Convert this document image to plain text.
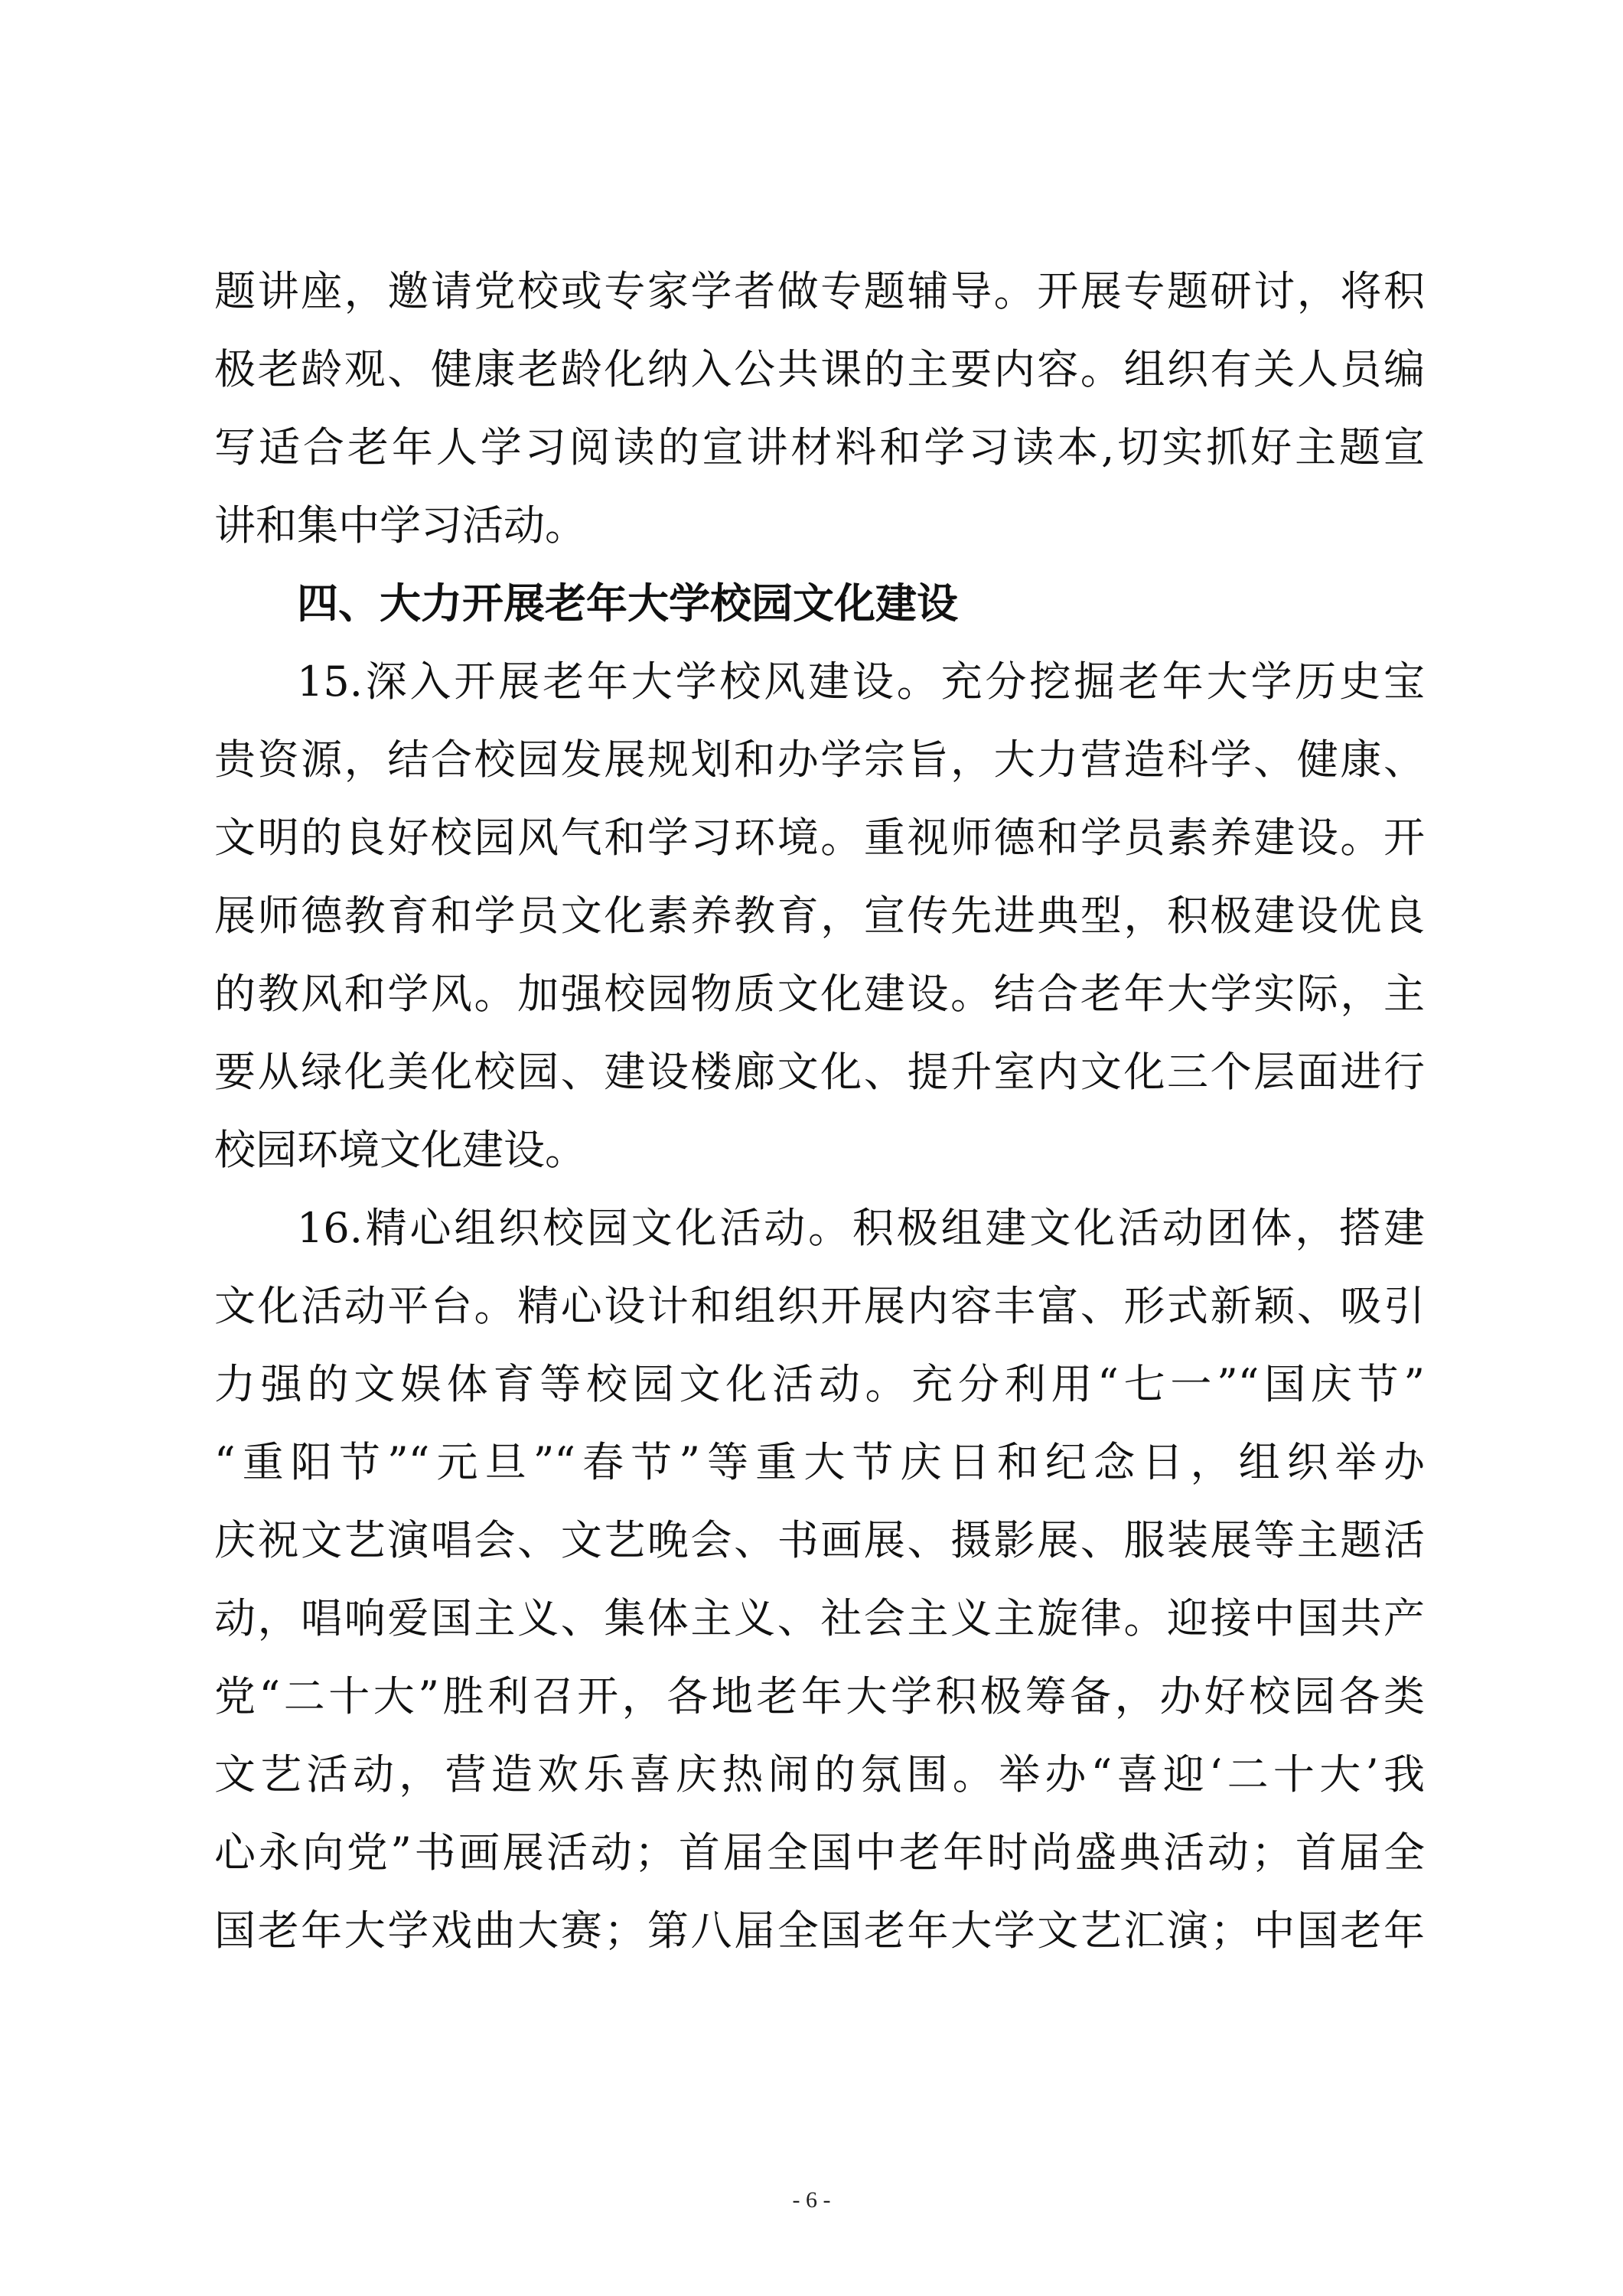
题讲座，邀请党校或专家学者做专题辅导。开展专题研讨，将积
极老龄观、健康老龄化纳入公共课的主要内容。组织有关人员编
写适合老年人学习阅读的宣讲材料和学习读本,切实抓好主题宣
讲和集中学习活动。
四、大力开展老年大学校园文化建设
15.深入开展老年大学校风建设。充分挖掘老年大学历史宝
贵资源，结合校园发展规划和办学宗旨，大力营造科学、健康、
文明的良好校园风气和学习环境。重视师德和学员素养建设。开
展师德教育和学员文化素养教育，宣传先进典型，积极建设优良
的教风和学风。加强校园物质文化建设。结合老年大学实际，主
要从绿化美化校园、建设楼廊文化、提升室内文化三个层面进行
校园环境文化建设。
16.精心组织校园文化活动。积极组建文化活动团体，搭建
文化活动平台。精心设计和组织开展内容丰富、形式新颖、吸引
力强的文娱体育等校园文化活动。充分利用“七一”“国庆节”
“重阳节”“元旦”“春节”等重大节庆日和纪念日，组织举办
庆祝文艺演唱会、文艺晚会、书画展、摄影展、服装展等主题活
动，唱响爱国主义、集体主义、社会主义主旋律。迎接中国共产
党“二十大”胜利召开，各地老年大学积极筹备，办好校园各类
文艺活动，营造欢乐喜庆热闹的氛围。举办“喜迎‘二十大’我
心永向党”书画展活动；首届全国中老年时尚盛典活动；首届全
国老年大学戏曲大赛；第八届全国老年大学文艺汇演；中国老年
- 6 -
